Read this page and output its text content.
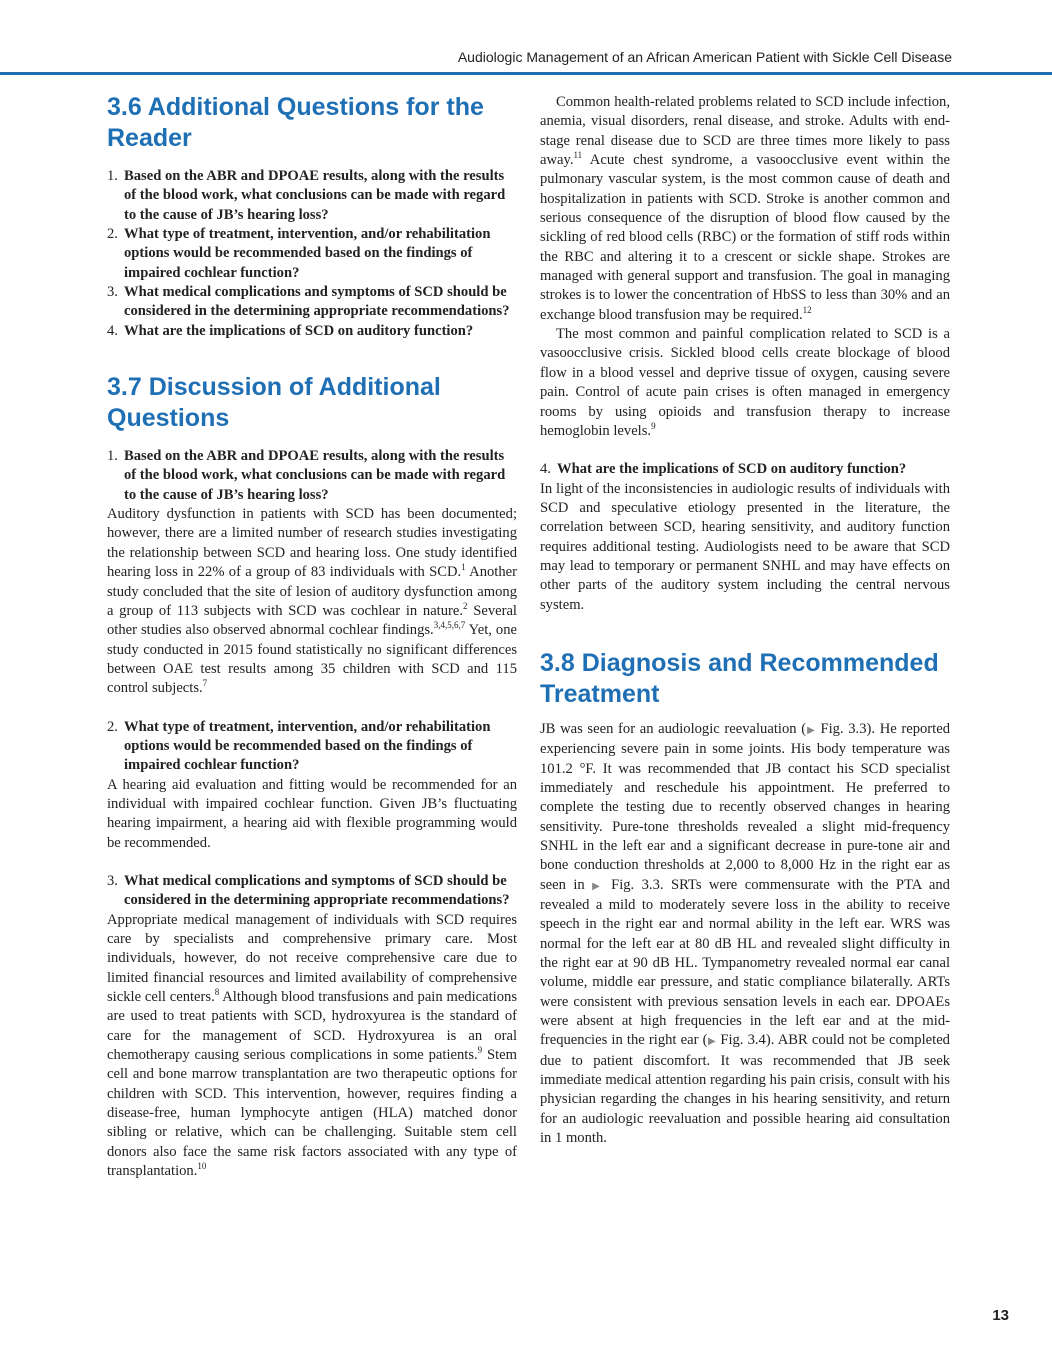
Audiologic Management of an African American Patient with Sickle Cell Disease
3.6 Additional Questions for the Reader
1. Based on the ABR and DPOAE results, along with the results of the blood work, what conclusions can be made with regard to the cause of JB’s hearing loss?
2. What type of treatment, intervention, and/or rehabilitation options would be recommended based on the findings of impaired cochlear function?
3. What medical complications and symptoms of SCD should be considered in the determining appropriate recommendations?
4. What are the implications of SCD on auditory function?
3.7 Discussion of Additional Questions
1. Based on the ABR and DPOAE results, along with the results of the blood work, what conclusions can be made with regard to the cause of JB’s hearing loss?

Auditory dysfunction in patients with SCD has been documented; however, there are a limited number of research studies investigating the relationship between SCD and hearing loss. One study identified hearing loss in 22% of a group of 83 individuals with SCD.$^1$ Another study concluded that the site of lesion of auditory dysfunction among a group of 113 subjects with SCD was cochlear in nature.$^2$ Several other studies also observed abnormal cochlear findings.$^{3,4,5,6,7}$ Yet, one study conducted in 2015 found statistically no significant differences between OAE test results among 35 children with SCD and 115 control subjects.$^7$

2. What type of treatment, intervention, and/or rehabilitation options would be recommended based on the findings of impaired cochlear function?

A hearing aid evaluation and fitting would be recommended for an individual with impaired cochlear function. Given JB’s fluctuating hearing impairment, a hearing aid with flexible programming would be recommended.

3. What medical complications and symptoms of SCD should be considered in the determining appropriate recommendations?

Appropriate medical management of individuals with SCD requires care by specialists and comprehensive primary care. Most individuals, however, do not receive comprehensive care due to limited financial resources and limited availability of comprehensive sickle cell centers.$^8$ Although blood transfusions and pain medications are used to treat patients with SCD, hydroxyurea is the standard of care for the management of SCD. Hydroxyurea is an oral chemotherapy causing serious complications in some patients.$^9$ Stem cell and bone marrow transplantation are two therapeutic options for children with SCD. This intervention, however, requires finding a disease-free, human lymphocyte antigen (HLA) matched donor sibling or relative, which can be challenging. Suitable stem cell donors also face the same risk factors associated with any type of transplantation.$^{10}$

Common health-related problems related to SCD include infection, anemia, visual disorders, renal disease, and stroke. Adults with end-stage renal disease due to SCD are three times more likely to pass away.$^{11}$ Acute chest syndrome, a vasoocclusive event within the pulmonary vascular system, is the most common cause of death and hospitalization in patients with SCD. Stroke is another common and serious consequence of the disruption of blood flow caused by the sickling of red blood cells (RBC) or the formation of stiff rods within the RBC and altering it to a crescent or sickle shape. Strokes are managed with general support and transfusion. The goal in managing strokes is to lower the concentration of HbSS to less than 30% and an exchange blood transfusion may be required.$^{12}$

The most common and painful complication related to SCD is a vasoocclusive crisis. Sickled blood cells create blockage of blood flow in a blood vessel and deprive tissue of oxygen, causing severe pain. Control of acute pain crises is often managed in emergency rooms by using opioids and transfusion therapy to increase hemoglobin levels.$^9$

4. What are the implications of SCD on auditory function?

In light of the inconsistencies in audiologic results of individuals with SCD and speculative etiology presented in the literature, the correlation between SCD, hearing sensitivity, and auditory function requires additional testing. Audiologists need to be aware that SCD may lead to temporary or permanent SNHL and may have effects on other parts of the auditory system including the central nervous system.

3.8 Diagnosis and Recommended Treatment

JB was seen for an audiologic reevaluation (▶ Fig. 3.3). He reported experiencing severe pain in some joints. His body temperature was 101.2 °F. It was recommended that JB contact his SCD specialist immediately and reschedule his appointment. He preferred to complete the testing due to recently observed changes in hearing sensitivity. Pure-tone thresholds revealed a slight mid-frequency SNHL in the left ear and a significant decrease in pure-tone air and bone conduction thresholds at 2,000 to 8,000 Hz in the right ear as seen in ▶ Fig. 3.3. SRTs were commensurate with the PTA and revealed a mild to moderately severe loss in the ability to receive speech in the right ear and normal ability in the left ear. WRS was normal for the left ear at 80 dB HL and revealed slight difficulty in the right ear at 90 dB HL. Tympanometry revealed normal ear canal volume, middle ear pressure, and static compliance bilaterally. ARTs were consistent with previous sensation levels in each ear. DPOAEs were absent at high frequencies in the left ear and at the mid-frequencies in the right ear (▶ Fig. 3.4). ABR could not be completed due to patient discomfort. It was recommended that JB seek immediate medical attention regarding his pain crisis, consult with his physician regarding the changes in his hearing sensitivity, and return for an audiologic reevaluation and possible hearing aid consultation in 1 month.

13
